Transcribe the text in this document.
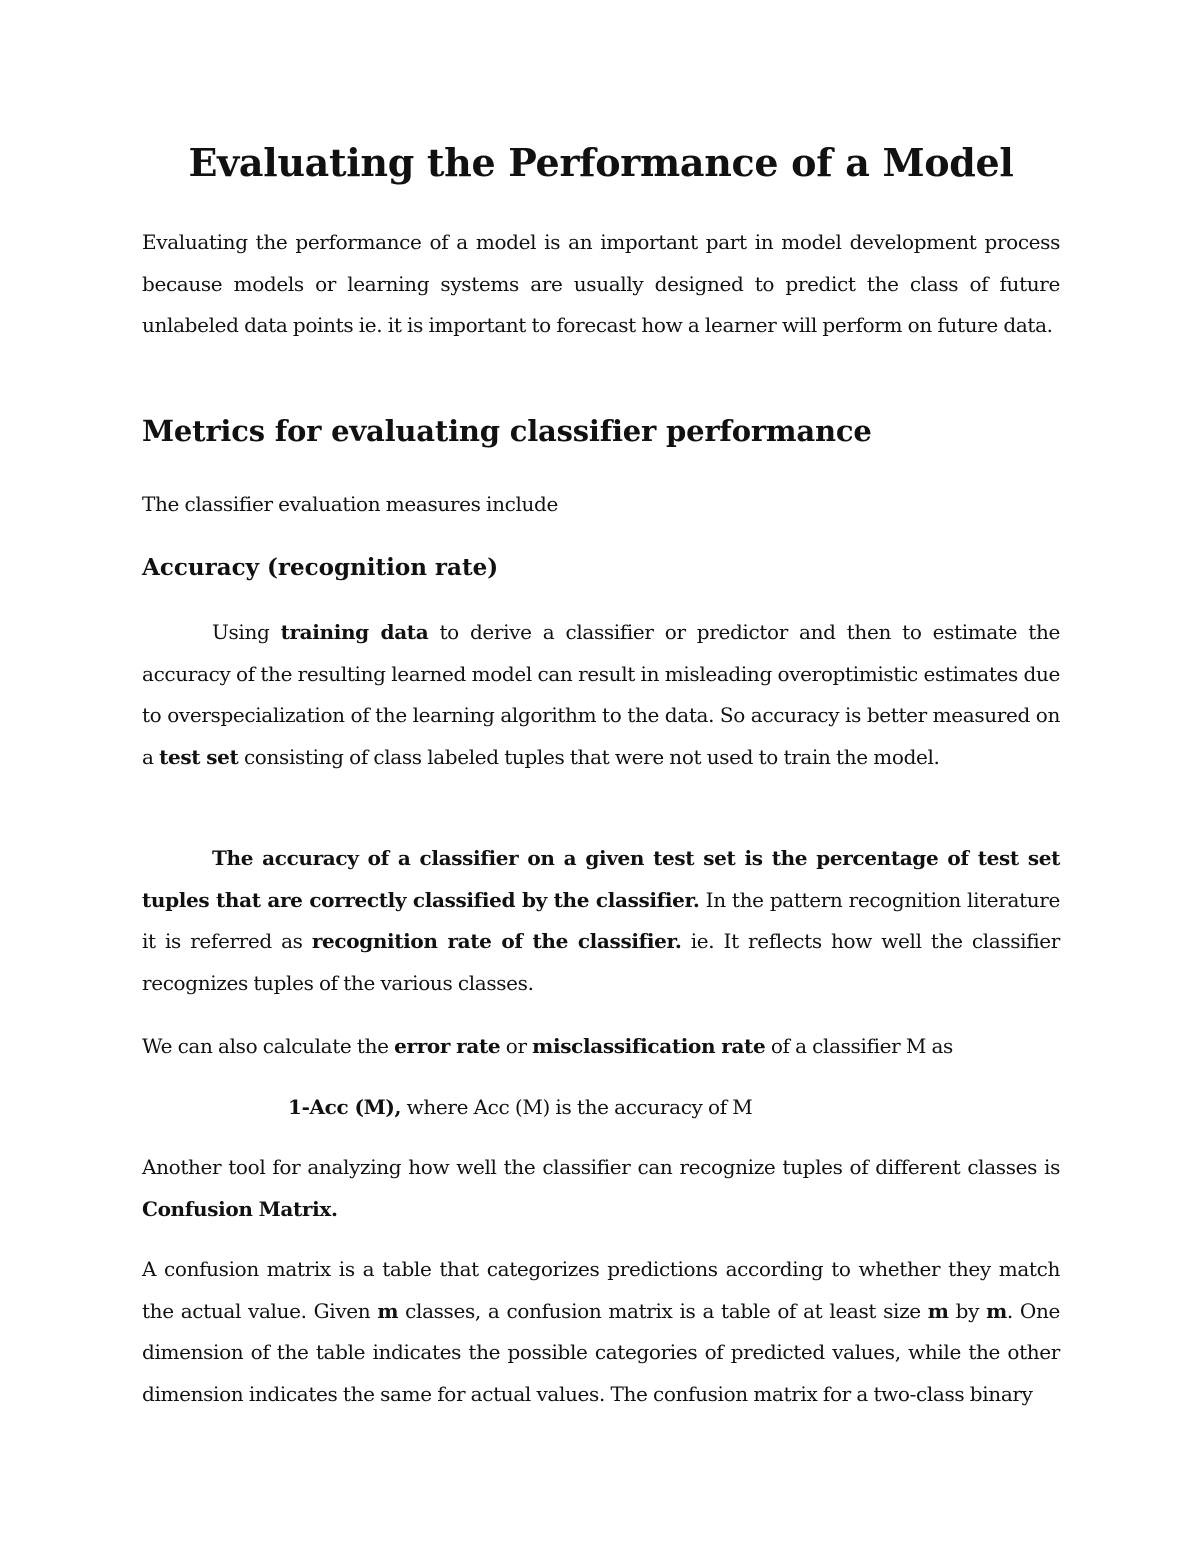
Evaluating the Performance of a Model

Evaluating the performance of a model is an important part in model development process because models or learning systems are usually designed to predict the class of future unlabeled data points ie. it is important to forecast how a learner will perform on future data.

Metrics for evaluating classifier performance

The classifier evaluation measures include

Accuracy (recognition rate)

Using training data to derive a classifier or predictor and then to estimate the accuracy of the resulting learned model can result in misleading overoptimistic estimates due to overspecialization of the learning algorithm to the data. So accuracy is better measured on a test set consisting of class labeled tuples that were not used to train the model.

The accuracy of a classifier on a given test set is the percentage of test set tuples that are correctly classified by the classifier. In the pattern recognition literature it is referred as recognition rate of the classifier. ie. It reflects how well the classifier recognizes tuples of the various classes.

We can also calculate the error rate or misclassification rate of a classifier M as

1-Acc (M), where Acc (M) is the accuracy of M

Another tool for analyzing how well the classifier can recognize tuples of different classes is Confusion Matrix.

A confusion matrix is a table that categorizes predictions according to whether they match the actual value. Given m classes, a confusion matrix is a table of at least size m by m. One dimension of the table indicates the possible categories of predicted values, while the other dimension indicates the same for actual values. The confusion matrix for a two-class binary
